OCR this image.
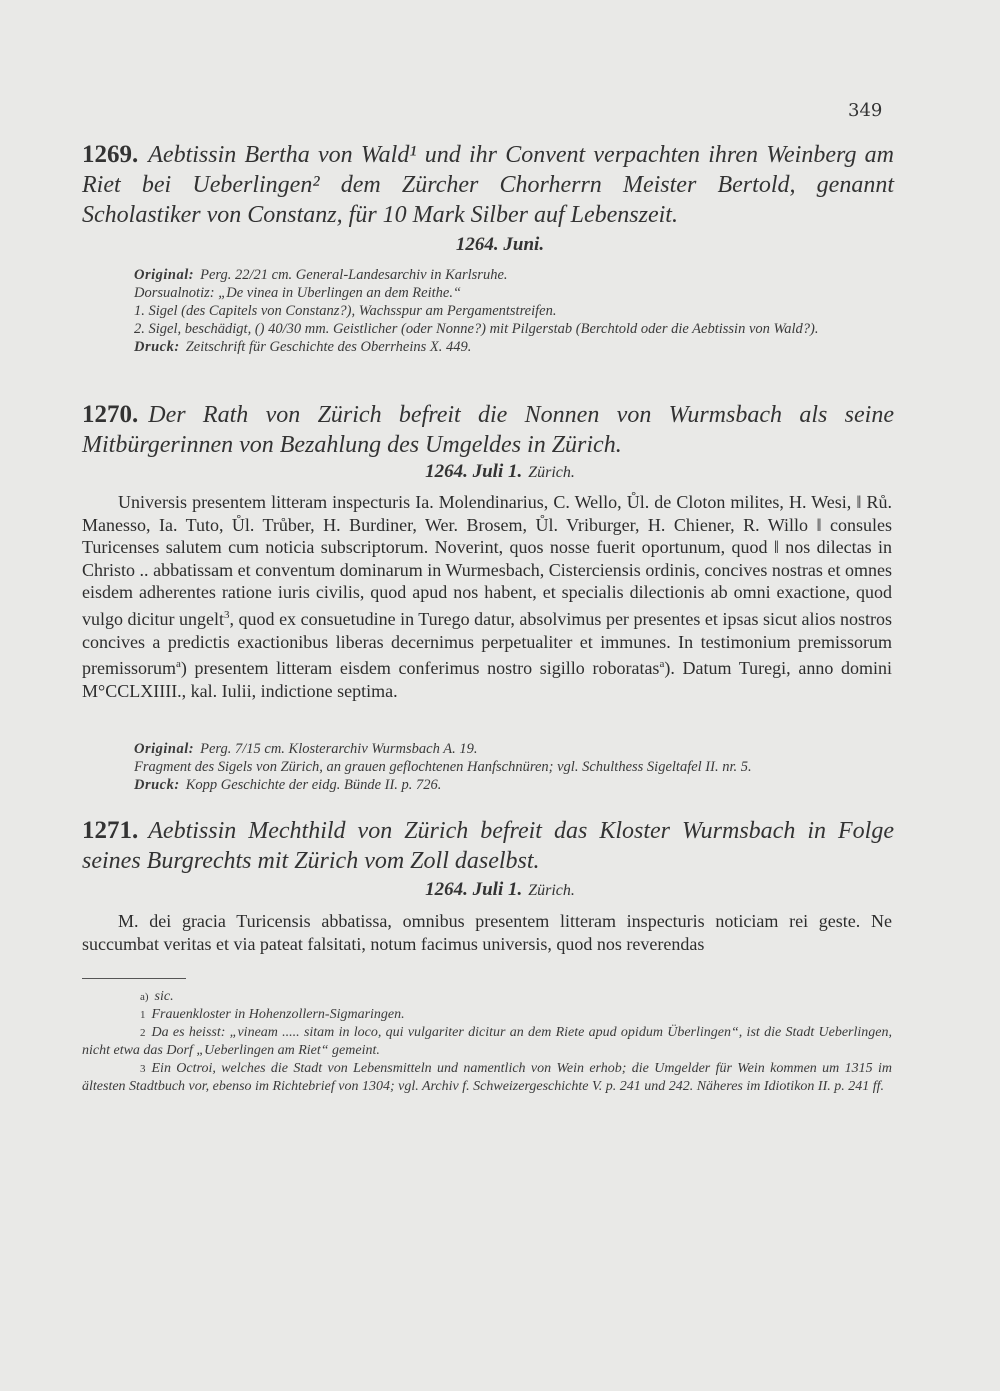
349
1269. Aebtissin Bertha von Wald¹ und ihr Convent verpachten ihren Weinberg am Riet bei Ueberlingen² dem Zürcher Chorherrn Meister Bertold, genannt Scholastiker von Constanz, für 10 Mark Silber auf Lebenszeit.
1264. Juni.

Original: Perg. 22/21 cm. General-Landesarchiv in Karlsruhe.

Dorsualnotiz: „De vinea in Uberlingen an dem Reithe.“

1. Sigel (des Capitels von Constanz?), Wachsspur am Pergamentstreifen.

2. Sigel, beschädigt, () 40/30 mm. Geistlicher (oder Nonne?) mit Pilgerstab (Berchtold oder die Aebtissin von Wald?).

Druck: Zeitschrift für Geschichte des Oberrheins X. 449.

1270. Der Rath von Zürich befreit die Nonnen von Wurmsbach als seine Mitbürgerinnen von Bezahlung des Umgeldes in Zürich.
1264. Juli 1. Zürich.
Universis presentem litteram inspecturis Ia. Molendinarius, C. Wello, Ůl. de Cloton milites, H. Wesi, ‖ Rů. Manesso, Ia. Tuto, Ůl. Trůber, H. Burdiner, Wer. Brosem, Ůl. Vriburger, H. Chiener, R. Willo ‖ consules Turicenses salutem cum noticia subscriptorum. Noverint, quos nosse fuerit oportunum, quod ‖ nos dilectas in Christo .. abbatissam et conventum dominarum in Wurmesbach, Cisterciensis ordinis, concives nostras et omnes eisdem adherentes ratione iuris civilis, quod apud nos habent, et specialis dilectionis ab omni exactione, quod vulgo dicitur ungelt$^3$, quod ex consuetudine in Turego datur, absolvimus per presentes et ipsas sicut alios nostros concives a predictis exactionibus liberas decernimus perpetualiter et immunes. In testimonium premissorum premissorum$^a$) presentem litteram eisdem conferimus nostro sigillo roboratas$^a$). Datum Turegi, anno domini M°CCLXIIII., kal. Iulii, indictione septima.

Original: Perg. 7/15 cm. Klosterarchiv Wurmsbach A. 19.

Fragment des Sigels von Zürich, an grauen geflochtenen Hanfschnüren; vgl. Schulthess Sigeltafel II. nr. 5.

Druck: Kopp Geschichte der eidg. Bünde II. p. 726.

1271. Aebtissin Mechthild von Zürich befreit das Kloster Wurmsbach in Folge seines Burgrechts mit Zürich vom Zoll daselbst.
1264. Juli 1. Zürich.
M. dei gracia Turicensis abbatissa, omnibus presentem litteram inspecturis noticiam rei geste. Ne succumbat veritas et via pateat falsitati, notum facimus universis, quod nos reverendas

a) sic.

1 Frauenkloster in Hohenzollern-Sigmaringen.

2 Da es heisst: „vineam ..... sitam in loco, qui vulgariter dicitur an dem Riete apud opidum Überlingen“, ist die Stadt Ueberlingen, nicht etwa das Dorf „Ueberlingen am Riet“ gemeint.

3 Ein Octroi, welches die Stadt von Lebensmitteln und namentlich von Wein erhob; die Umgelder für Wein kommen um 1315 im ältesten Stadtbuch vor, ebenso im Richtebrief von 1304; vgl. Archiv f. Schweizergeschichte V. p. 241 und 242. Näheres im Idiotikon II. p. 241 ff.
